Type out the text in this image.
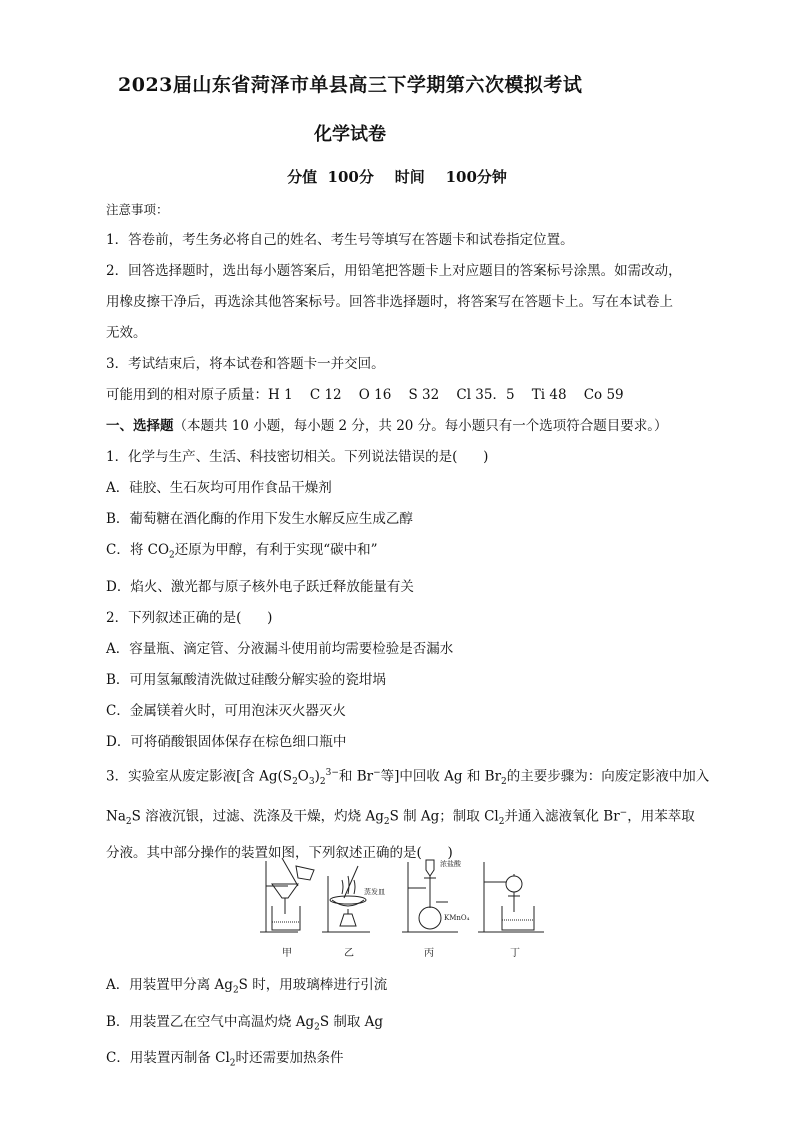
2023届山东省菏泽市单县高三下学期第六次模拟考试
化学试卷
分值  100分    时间    100分钟
注意事项：
1．答卷前，考生务必将自己的姓名、考生号等填写在答题卡和试卷指定位置。
2．回答选择题时，选出每小题答案后，用铅笔把答题卡上对应题目的答案标号涂黑。如需改动，
用橡皮擦干净后，再选涂其他答案标号。回答非选择题时，将答案写在答题卡上。写在本试卷上
无效。
3．考试结束后，将本试卷和答题卡一并交回。
可能用到的相对原子质量：H 1    C 12    O 16    S 32    Cl 35．5    Ti 48    Co 59
一、选择题（本题共 10 小题，每小题 2 分，共 20 分。每小题只有一个选项符合题目要求。）
1．化学与生产、生活、科技密切相关。下列说法错误的是(      )
A．硅胶、生石灰均可用作食品干燥剂
B．葡萄糖在酒化酶的作用下发生水解反应生成乙醇
C．将 $CO_2$还原为甲醇，有利于实现“碳中和”
D．焰火、激光都与原子核外电子跃迁释放能量有关
2．下列叙述正确的是(      )
A．容量瓶、滴定管、分液漏斗使用前均需要检验是否漏水
B．可用氢氟酸清洗做过硅酸分解实验的瓷坩埚
C．金属镁着火时，可用泡沫灭火器灭火
D．可将硝酸银固体保存在棕色细口瓶中
3．实验室从废定影液[含 $Ag(S_2O_3)_2^{3-}$和 Br−等]中回收 Ag 和 $Br_2$的主要步骤为：向废定影液中加入
$Na_2S$ 溶液沉银，过滤、洗涤及干燥，灼烧 $Ag_2S$ 制 Ag；制取 $Cl_2$并通入滤液氧化 Br−，用苯萃取
分液。其中部分操作的装置如图，下列叙述正确的是(      )
蒸发皿
浓盐酸
KMnO₄
甲	乙	丙	丁
A．用装置甲分离 $Ag_2S$ 时，用玻璃棒进行引流
B．用装置乙在空气中高温灼烧 $Ag_2S$ 制取 Ag
C．用装置丙制备 $Cl_2$时还需要加热条件
